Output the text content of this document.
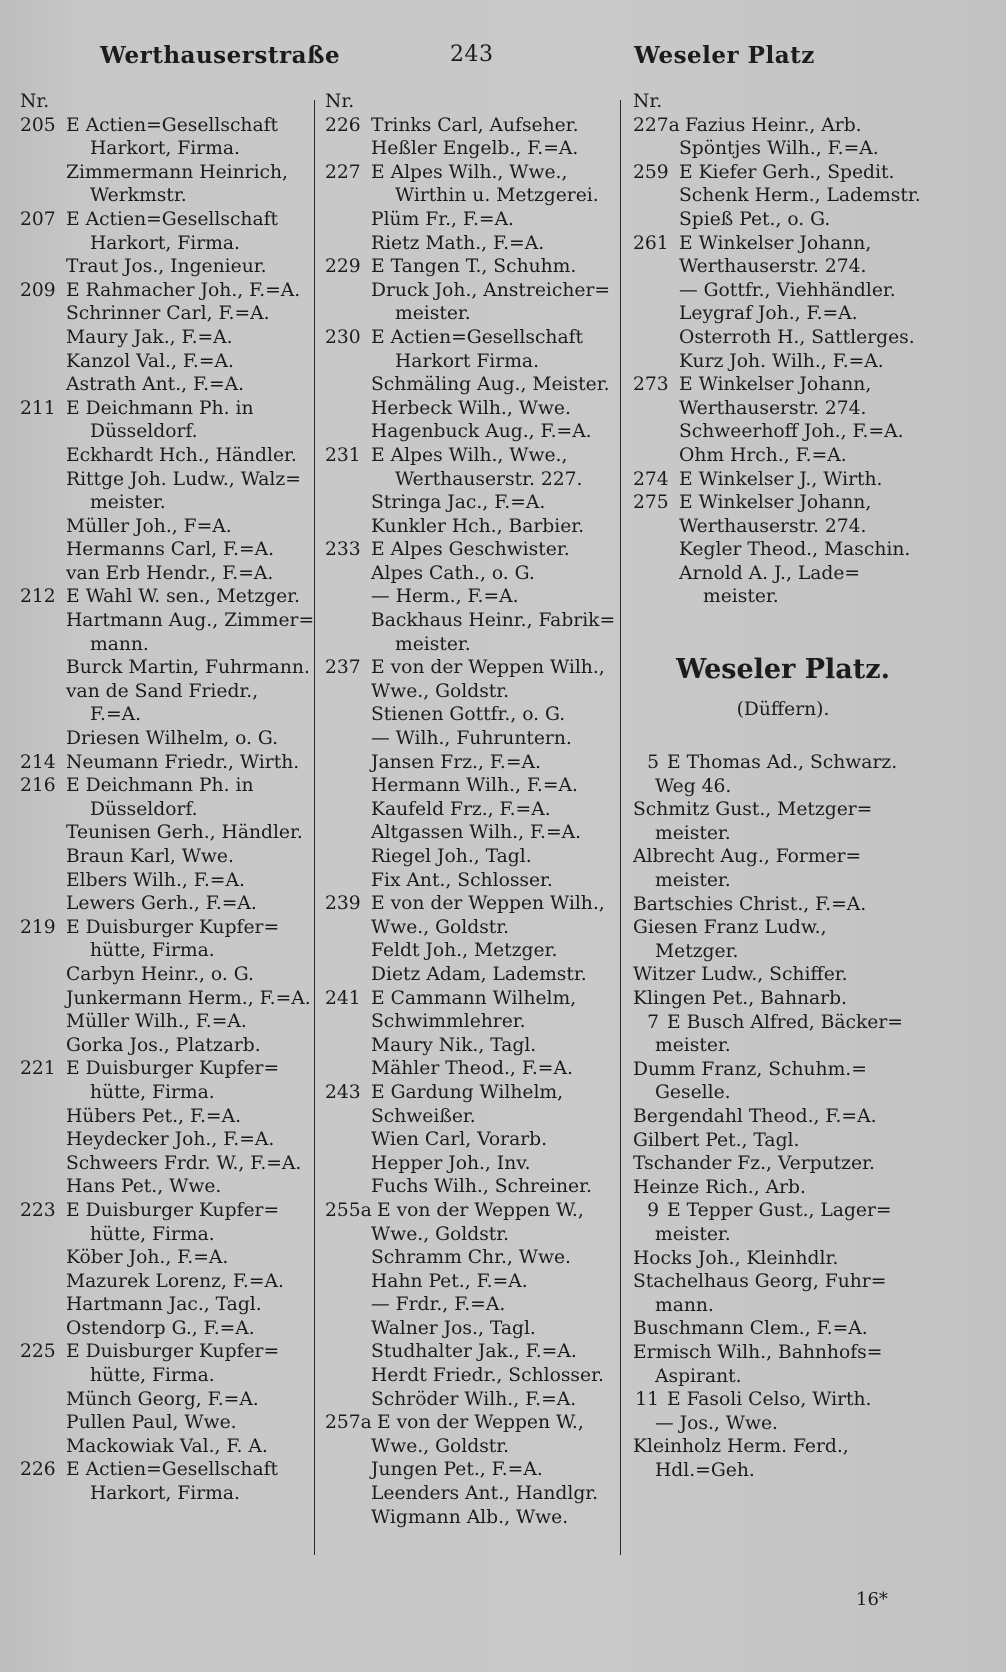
Werthauserstraße	243	Weseler Platz
Nr.
205 E Actien=Gesellschaft
Harkort, Firma.
Zimmermann Heinrich,
Werkmstr.
207 E Actien=Gesellschaft
Harkort, Firma.
Traut Jos., Ingenieur.
209 E Rahmacher Joh., F.=A.
Schrinner Carl, F.=A.
Maury Jak., F.=A.
Kanzol Val., F.=A.
Astrath Ant., F.=A.
211 E Deichmann Ph. in
Düsseldorf.
Eckhardt Hch., Händler.
Rittge Joh. Ludw., Walz=
meister.
Müller Joh., F=A.
Hermanns Carl, F.=A.
van Erb Hendr., F.=A.
212 E Wahl W. sen., Metzger.
Hartmann Aug., Zimmer=
mann.
Burck Martin, Fuhrmann.
van de Sand Friedr.,
F.=A.
Driesen Wilhelm, o. G.
214 Neumann Friedr., Wirth.
216 E Deichmann Ph. in
Düsseldorf.
Teunisen Gerh., Händler.
Braun Karl, Wwe.
Elbers Wilh., F.=A.
Lewers Gerh., F.=A.
219 E Duisburger Kupfer=
hütte, Firma.
Carbyn Heinr., o. G.
Junkermann Herm., F.=A.
Müller Wilh., F.=A.
Gorka Jos., Platzarb.
221 E Duisburger Kupfer=
hütte, Firma.
Hübers Pet., F.=A.
Heydecker Joh., F.=A.
Schweers Frdr. W., F.=A.
Hans Pet., Wwe.
223 E Duisburger Kupfer=
hütte, Firma.
Köber Joh., F.=A.
Mazurek Lorenz, F.=A.
Hartmann Jac., Tagl.
Ostendorp G., F.=A.
225 E Duisburger Kupfer=
hütte, Firma.
Münch Georg, F.=A.
Pullen Paul, Wwe.
Mackowiak Val., F. A.
226 E Actien=Gesellschaft
Harkort, Firma.
Nr.
226 Trinks Carl, Aufseher.
Heßler Engelb., F.=A.
227 E Alpes Wilh., Wwe.,
Wirthin u. Metzgerei.
Plüm Fr., F.=A.
Rietz Math., F.=A.
229 E Tangen T., Schuhm.
Druck Joh., Anstreicher=
meister.
230 E Actien=Gesellschaft
Harkort Firma.
Schmäling Aug., Meister.
Herbeck Wilh., Wwe.
Hagenbuck Aug., F.=A.
231 E Alpes Wilh., Wwe.,
Werthauserstr. 227.
Stringa Jac., F.=A.
Kunkler Hch., Barbier.
233 E Alpes Geschwister.
Alpes Cath., o. G.
— Herm., F.=A.
Backhaus Heinr., Fabrik=
meister.
237 E von der Weppen Wilh.,
Wwe., Goldstr.
Stienen Gottfr., o. G.
— Wilh., Fuhruntern.
Jansen Frz., F.=A.
Hermann Wilh., F.=A.
Kaufeld Frz., F.=A.
Altgassen Wilh., F.=A.
Riegel Joh., Tagl.
Fix Ant., Schlosser.
239 E von der Weppen Wilh.,
Wwe., Goldstr.
Feldt Joh., Metzger.
Dietz Adam, Lademstr.
241 E Cammann Wilhelm,
Schwimmlehrer.
Maury Nik., Tagl.
Mähler Theod., F.=A.
243 E Gardung Wilhelm,
Schweißer.
Wien Carl, Vorarb.
Hepper Joh., Inv.
Fuchs Wilh., Schreiner.
255a E von der Weppen W.,
Wwe., Goldstr.
Schramm Chr., Wwe.
Hahn Pet., F.=A.
— Frdr., F.=A.
Walner Jos., Tagl.
Studhalter Jak., F.=A.
Herdt Friedr., Schlosser.
Schröder Wilh., F.=A.
257a E von der Weppen W.,
Wwe., Goldstr.
Jungen Pet., F.=A.
Leenders Ant., Handlgr.
Wigmann Alb., Wwe.
Nr.
227a Fazius Heinr., Arb.
Spöntjes Wilh., F.=A.
259 E Kiefer Gerh., Spedit.
Schenk Herm., Lademstr.
Spieß Pet., o. G.
261 E Winkelser Johann,
Werthauserstr. 274.
— Gottfr., Viehhändler.
Leygraf Joh., F.=A.
Osterroth H., Sattlerges.
Kurz Joh. Wilh., F.=A.
273 E Winkelser Johann,
Werthauserstr. 274.
Schweerhoff Joh., F.=A.
Ohm Hrch., F.=A.
274 E Winkelser J., Wirth.
275 E Winkelser Johann,
Werthauserstr. 274.
Kegler Theod., Maschin.
Arnold A. J., Lade=
meister.
Weseler Platz.
(Düffern).
5 E Thomas Ad., Schwarz.
Weg 46.
Schmitz Gust., Metzger=
meister.
Albrecht Aug., Former=
meister.
Bartschies Christ., F.=A.
Giesen Franz Ludw.,
Metzger.
Witzer Ludw., Schiffer.
Klingen Pet., Bahnarb.
7 E Busch Alfred, Bäcker=
meister.
Dumm Franz, Schuhm.=
Geselle.
Bergendahl Theod., F.=A.
Gilbert Pet., Tagl.
Tschander Fz., Verputzer.
Heinze Rich., Arb.
9 E Tepper Gust., Lager=
meister.
Hocks Joh., Kleinhdlr.
Stachelhaus Georg, Fuhr=
mann.
Buschmann Clem., F.=A.
Ermisch Wilh., Bahnhofs=
Aspirant.
11 E Fasoli Celso, Wirth.
— Jos., Wwe.
Kleinholz Herm. Ferd.,
Hdl.=Geh.
16*
